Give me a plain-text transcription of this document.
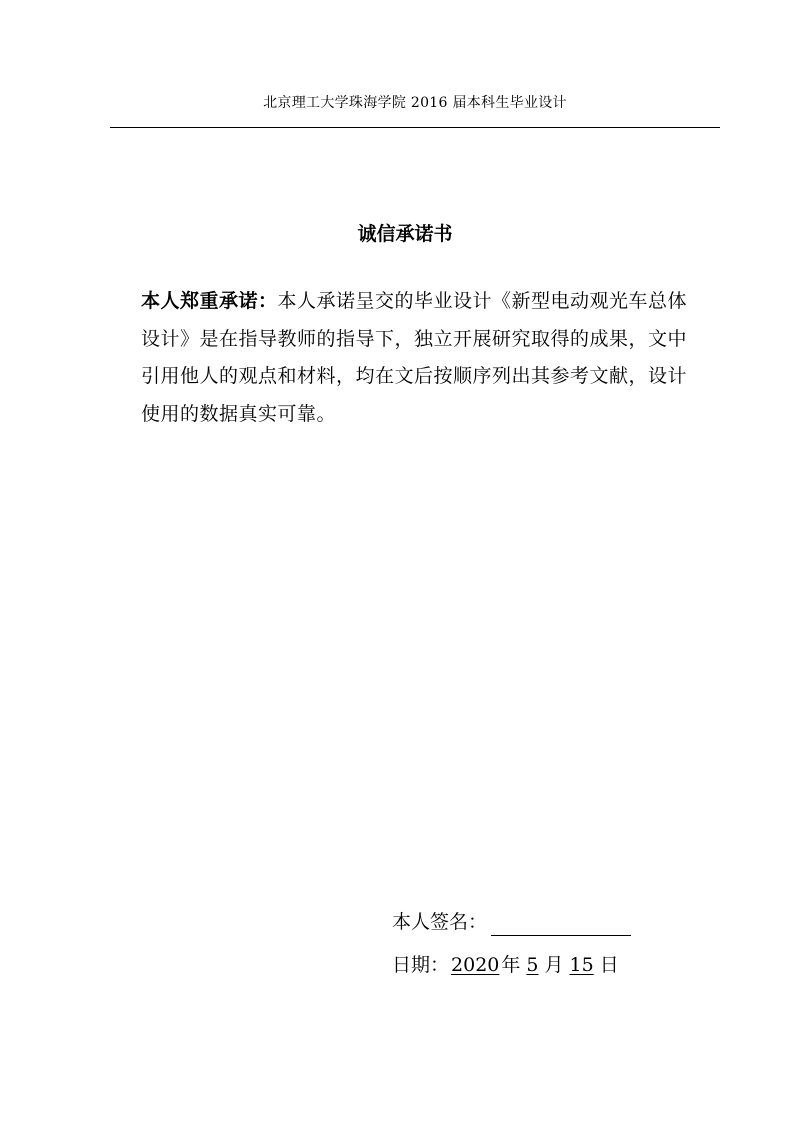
北京理工大学珠海学院 2016 届本科生毕业设计
诚信承诺书
本人郑重承诺：本人承诺呈交的毕业设计《新型电动观光车总体设计》是在指导教师的指导下，独立开展研究取得的成果，文中引用他人的观点和材料，均在文后按顺序列出其参考文献，设计使用的数据真实可靠。
本人签名：
日期： 2020 年 5 月 15 日
